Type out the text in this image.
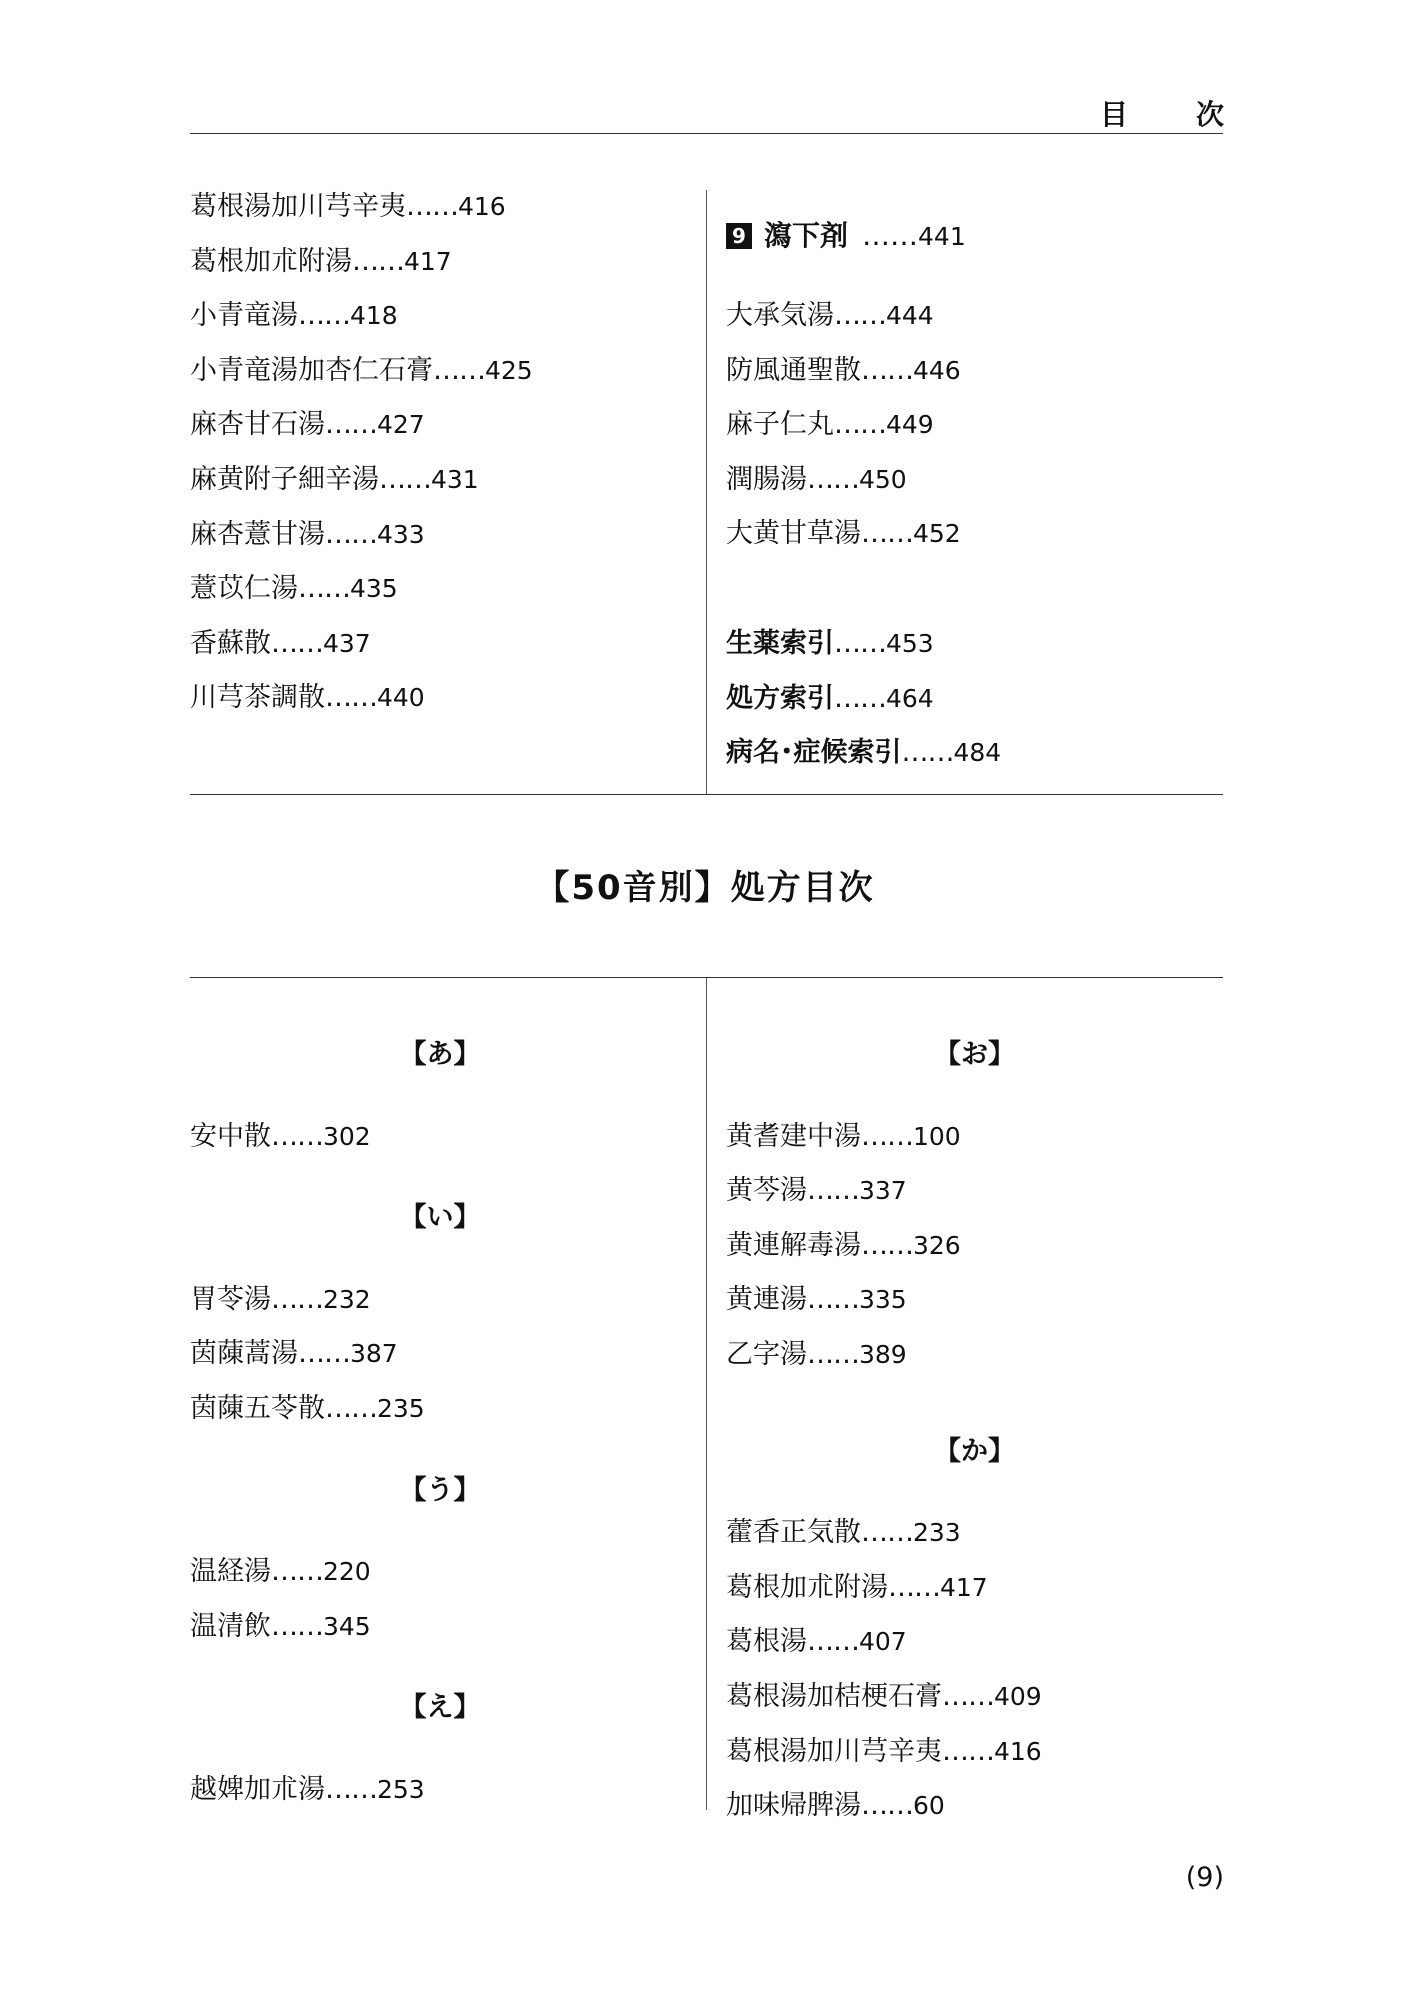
目　次
葛根湯加川芎辛夷……416
葛根加朮附湯……417
小青竜湯……418
小青竜湯加杏仁石膏……425
麻杏甘石湯……427
麻黄附子細辛湯……431
麻杏薏甘湯……433
薏苡仁湯……435
香蘇散……437
川芎茶調散……440
9 瀉下剤 ……441
大承気湯……444
防風通聖散……446
麻子仁丸……449
潤腸湯……450
大黄甘草湯……452
生薬索引……453
処方索引……464
病名･症候索引……484
【50音別】処方目次
【あ】
安中散……302
【い】
胃苓湯……232
茵蔯蒿湯……387
茵蔯五苓散……235
【う】
温経湯……220
温清飲……345
【え】
越婢加朮湯……253
【お】
黄耆建中湯……100
黄芩湯……337
黄連解毒湯……326
黄連湯……335
乙字湯……389
【か】
藿香正気散……233
葛根加朮附湯……417
葛根湯……407
葛根湯加桔梗石膏……409
葛根湯加川芎辛夷……416
加味帰脾湯……60
(9)
